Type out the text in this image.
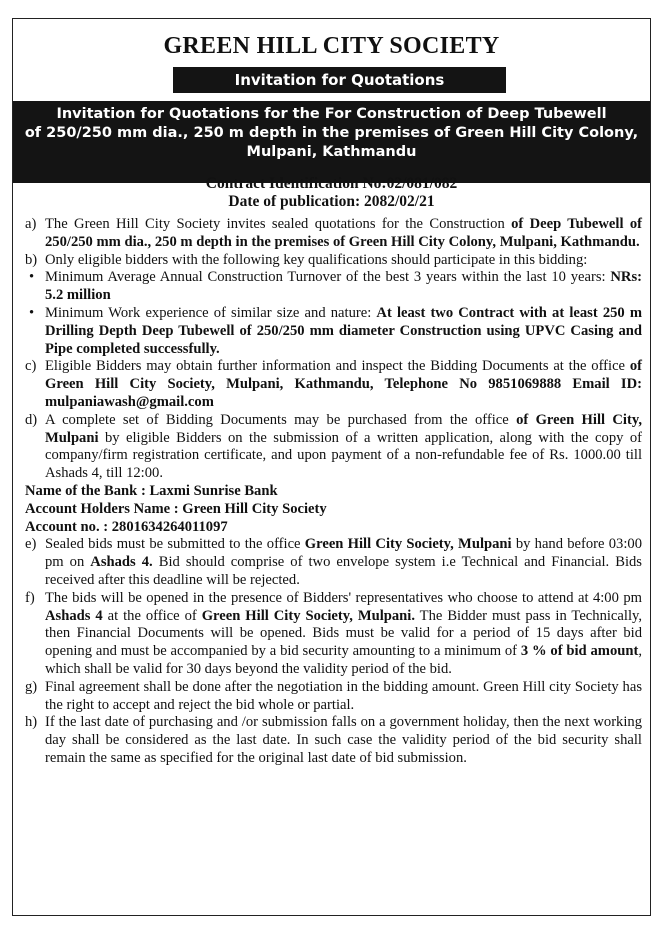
GREEN HILL CITY SOCIETY
Invitation for Quotations
Invitation for Quotations for the For Construction of Deep Tubewell
of 250/250 mm dia., 250 m depth in the premises of Green Hill City Colony,
Mulpani, Kathmandu
Contract Identification No:02/081/082
Date of publication: 2082/02/21
a) The Green Hill City Society invites sealed quotations for the Construction of Deep Tubewell of 250/250 mm dia., 250 m depth in the premises of Green Hill City Colony, Mulpani, Kathmandu.
b) Only eligible bidders with the following key qualifications should participate in this bidding:
• Minimum Average Annual Construction Turnover of the best 3 years within the last 10 years: NRs: 5.2 million
• Minimum Work experience of similar size and nature: At least two Contract with at least 250 m Drilling Depth Deep Tubewell of 250/250 mm diameter Construction using UPVC Casing and Pipe completed successfully.
c) Eligible Bidders may obtain further information and inspect the Bidding Documents at the office of Green Hill City Society, Mulpani, Kathmandu, Telephone No 9851069888 Email ID: mulpaniawash@gmail.com
d) A complete set of Bidding Documents may be purchased from the office of Green Hill City, Mulpani by eligible Bidders on the submission of a written application, along with the copy of company/firm registration certificate, and upon payment of a non-refundable fee of Rs. 1000.00 till Ashads 4, till 12:00.
Name of the Bank : Laxmi Sunrise Bank
Account Holders Name : Green Hill City Society
Account no. : 2801634264011097
e) Sealed bids must be submitted to the office Green Hill City Society, Mulpani by hand before 03:00 pm on Ashads 4. Bid should comprise of two envelope system i.e Technical and Financial. Bids received after this deadline will be rejected.
f) The bids will be opened in the presence of Bidders' representatives who choose to attend at 4:00 pm Ashads 4 at the office of Green Hill City Society, Mulpani. The Bidder must pass in Technically, then Financial Documents will be opened. Bids must be valid for a period of 15 days after bid opening and must be accompanied by a bid security amounting to a minimum of 3 % of bid amount, which shall be valid for 30 days beyond the validity period of the bid.
g) Final agreement shall be done after the negotiation in the bidding amount. Green Hill city Society has the right to accept and reject the bid whole or partial.
h) If the last date of purchasing and /or submission falls on a government holiday, then the next working day shall be considered as the last date. In such case the validity period of the bid security shall remain the same as specified for the original last date of bid submission.
